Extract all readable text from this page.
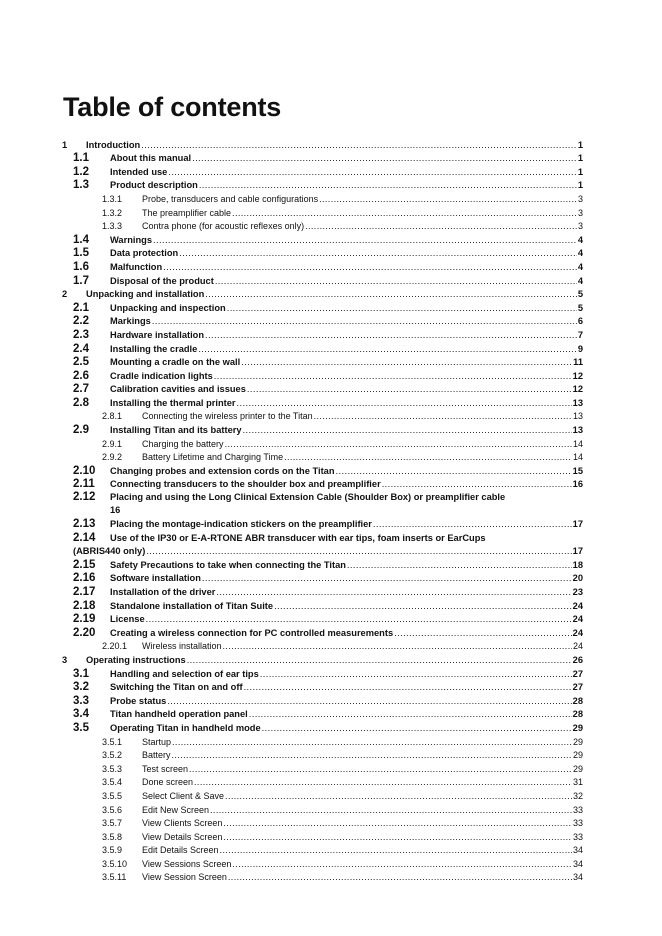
Table of contents
1	Introduction .....	1
1.1	About this manual .....	1
1.2	Intended use .....	1
1.3	Product description .....	1
1.3.1	Probe, transducers and cable configurations .....	3
1.3.2	The preamplifier cable .....	3
1.3.3	Contra phone (for acoustic reflexes only) .....	3
1.4	Warnings .....	4
1.5	Data protection .....	4
1.6	Malfunction .....	4
1.7	Disposal of the product .....	4
2	Unpacking and installation .....	5
2.1	Unpacking and inspection .....	5
2.2	Markings .....	6
2.3	Hardware installation .....	7
2.4	Installing the cradle .....	9
2.5	Mounting a cradle on the wall .....	11
2.6	Cradle indication lights .....	12
2.7	Calibration cavities and issues .....	12
2.8	Installing the thermal printer .....	13
2.8.1	Connecting the wireless printer to the Titan .....	13
2.9	Installing Titan and its battery .....	13
2.9.1	Charging the battery .....	14
2.9.2	Battery Lifetime and Charging Time .....	14
2.10	Changing probes and extension cords on the Titan .....	15
2.11	Connecting transducers to the shoulder box and preamplifier .....	16
2.12	Placing and using the Long Clinical Extension Cable (Shoulder Box) or preamplifier cable
16
2.13	Placing the montage-indication stickers on the preamplifier .....	17
2.14	Use of the IP30 or E-A-RTONE ABR transducer with ear tips, foam inserts or EarCups
(ABRIS440 only) .....	17
2.15	Safety Precautions to take when connecting the Titan .....	18
2.16	Software installation .....	20
2.17	Installation of the driver .....	23
2.18	Standalone installation of Titan Suite .....	24
2.19	License .....	24
2.20	Creating a wireless connection for PC controlled measurements .....	24
2.20.1	Wireless installation .....	24
3	Operating instructions .....	26
3.1	Handling and selection of ear tips .....	27
3.2	Switching the Titan on and off .....	27
3.3	Probe status .....	28
3.4	Titan handheld operation panel .....	28
3.5	Operating Titan in handheld mode .....	29
3.5.1	Startup .....	29
3.5.2	Battery .....	29
3.5.3	Test screen .....	29
3.5.4	Done screen .....	31
3.5.5	Select Client & Save .....	32
3.5.6	Edit New Screen .....	33
3.5.7	View Clients Screen .....	33
3.5.8	View Details Screen .....	33
3.5.9	Edit Details Screen .....	34
3.5.10	View Sessions Screen .....	34
3.5.11	View Session Screen .....	34
